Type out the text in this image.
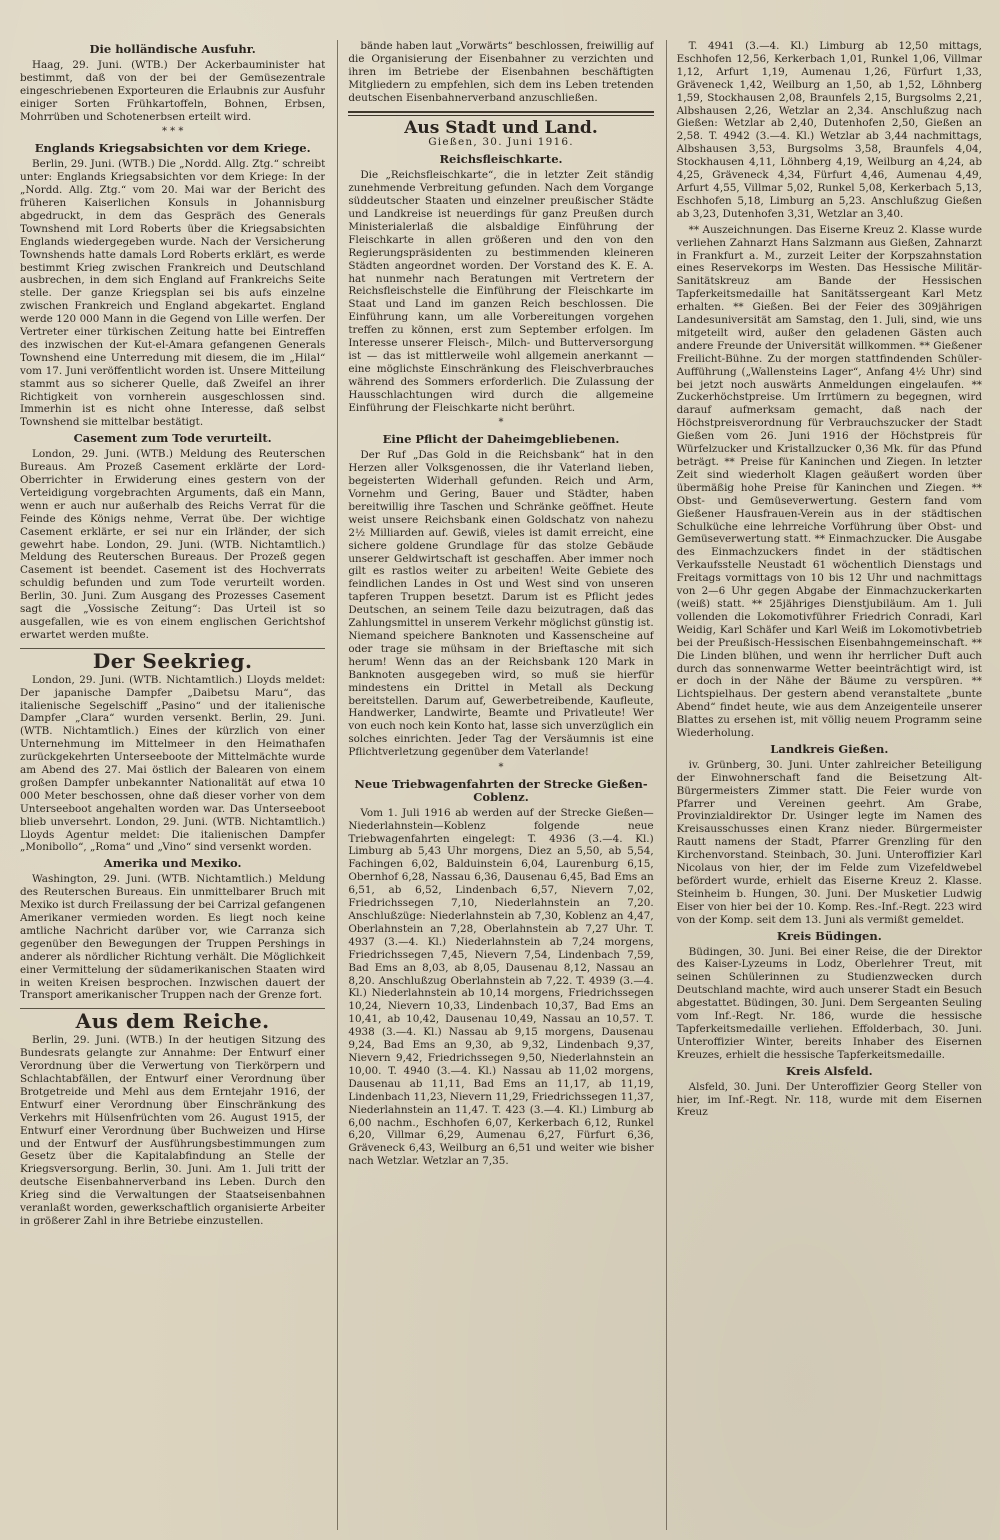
Die holländische Ausfuhr.

Haag, 29. Juni. (WTB.) Der Ackerbauminister hat bestimmt, daß von der bei der Gemüsezentrale eingeschriebenen Exporteuren die Erlaubnis zur Ausfuhr einiger Sorten Frühkartoffeln, Bohnen, Erbsen, Mohrrüben und Schotenerbsen erteilt wird.

* * *
Englands Kriegsabsichten vor dem Kriege.

Berlin, 29. Juni. (WTB.) Die „Nordd. Allg. Ztg.“ schreibt unter: Englands Kriegsabsichten vor dem Kriege: In der „Nordd. Allg. Ztg.“ vom 20. Mai war der Bericht des früheren Kaiserlichen Konsuls in Johannisburg abgedruckt, in dem das Gespräch des Generals Townshend mit Lord Roberts über die Kriegsabsichten Englands wiedergegeben wurde. Nach der Versicherung Townshends hatte damals Lord Roberts erklärt, es werde bestimmt Krieg zwischen Frankreich und Deutschland ausbrechen, in dem sich England auf Frankreichs Seite stelle. Der ganze Kriegsplan sei bis aufs einzelne zwischen Frankreich und England abgekartet. England werde 120 000 Mann in die Gegend von Lille werfen. Der Vertreter einer türkischen Zeitung hatte bei Eintreffen des inzwischen der Kut-el-Amara gefangenen Generals Townshend eine Unterredung mit diesem, die im „Hilal“ vom 17. Juni veröffentlicht worden ist. Unsere Mitteilung stammt aus so sicherer Quelle, daß Zweifel an ihrer Richtigkeit von vornherein ausgeschlossen sind. Immerhin ist es nicht ohne Interesse, daß selbst Townshend sie mittelbar bestätigt.

Casement zum Tode verurteilt.

London, 29. Juni. (WTB.) Meldung des Reuterschen Bureaus. Am Prozeß Casement erklärte der Lord-Oberrichter in Erwiderung eines gestern von der Verteidigung vorgebrachten Arguments, daß ein Mann, wenn er auch nur außerhalb des Reichs Verrat für die Feinde des Königs nehme, Verrat übe. Der wichtige Casement erklärte, er sei nur ein Irländer, der sich gewehrt habe. London, 29. Juni. (WTB. Nichtamtlich.) Meldung des Reuterschen Bureaus. Der Prozeß gegen Casement ist beendet. Casement ist des Hochverrats schuldig befunden und zum Tode verurteilt worden. Berlin, 30. Juni. Zum Ausgang des Prozesses Casement sagt die „Vossische Zeitung“: Das Urteil ist so ausgefallen, wie es von einem englischen Gerichtshof erwartet werden mußte.

Der Seekrieg.

London, 29. Juni. (WTB. Nichtamtlich.) Lloyds meldet: Der japanische Dampfer „Daibetsu Maru“, das italienische Segelschiff „Pasino“ und der italienische Dampfer „Clara“ wurden versenkt. Berlin, 29. Juni. (WTB. Nichtamtlich.) Eines der kürzlich von einer Unternehmung im Mittelmeer in den Heimathafen zurückgekehrten Unterseeboote der Mittelmächte wurde am Abend des 27. Mai östlich der Balearen von einem großen Dampfer unbekannter Nationalität auf etwa 10 000 Meter beschossen, ohne daß dieser vorher von dem Unterseeboot angehalten worden war. Das Unterseeboot blieb unversehrt. London, 29. Juni. (WTB. Nichtamtlich.) Lloyds Agentur meldet: Die italienischen Dampfer „Monibollo“, „Roma“ und „Vino“ sind versenkt worden.

Amerika und Mexiko.

Washington, 29. Juni. (WTB. Nichtamtlich.) Meldung des Reuterschen Bureaus. Ein unmittelbarer Bruch mit Mexiko ist durch Freilassung der bei Carrizal gefangenen Amerikaner vermieden worden. Es liegt noch keine amtliche Nachricht darüber vor, wie Carranza sich gegenüber den Bewegungen der Truppen Pershings in anderer als nördlicher Richtung verhält. Die Möglichkeit einer Vermittelung der südamerikanischen Staaten wird in weiten Kreisen besprochen. Inzwischen dauert der Transport amerikanischer Truppen nach der Grenze fort.

Aus dem Reiche.

Berlin, 29. Juni. (WTB.) In der heutigen Sitzung des Bundesrats gelangte zur Annahme: Der Entwurf einer Verordnung über die Verwertung von Tierkörpern und Schlachtabfällen, der Entwurf einer Verordnung über Brotgetreide und Mehl aus dem Erntejahr 1916, der Entwurf einer Verordnung über Einschränkung des Verkehrs mit Hülsenfrüchten vom 26. August 1915, der Entwurf einer Verordnung über Buchweizen und Hirse und der Entwurf der Ausführungsbestimmungen zum Gesetz über die Kapitalabfindung an Stelle der Kriegsversorgung. Berlin, 30. Juni. Am 1. Juli tritt der deutsche Eisenbahnerverband ins Leben. Durch den Krieg sind die Verwaltungen der Staatseisenbahnen veranlaßt worden, gewerkschaftlich organisierte Arbeiter in größerer Zahl in ihre Betriebe einzustellen.

bände haben laut „Vorwärts“ beschlossen, freiwillig auf die Organisierung der Eisenbahner zu verzichten und ihren im Betriebe der Eisenbahnen beschäftigten Mitgliedern zu empfehlen, sich dem ins Leben tretenden deutschen Eisenbahnerverband anzuschließen.

Aus Stadt und Land.
Gießen, 30. Juni 1916.
Reichsfleischkarte.

Die „Reichsfleischkarte“, die in letzter Zeit ständig zunehmende Verbreitung gefunden. Nach dem Vorgange süddeutscher Staaten und einzelner preußischer Städte und Landkreise ist neuerdings für ganz Preußen durch Ministerialerlaß die alsbaldige Einführung der Fleischkarte in allen größeren und den von den Regierungspräsidenten zu bestimmenden kleineren Städten angeordnet worden. Der Vorstand des K. E. A. hat nunmehr nach Beratungen mit Vertretern der Reichsfleischstelle die Einführung der Fleischkarte im Staat und Land im ganzen Reich beschlossen. Die Einführung kann, um alle Vorbereitungen vorgehen treffen zu können, erst zum September erfolgen. Im Interesse unserer Fleisch-, Milch- und Butterversorgung ist — das ist mittlerweile wohl allgemein anerkannt — eine möglichste Einschränkung des Fleischverbrauches während des Sommers erforderlich. Die Zulassung der Hausschlachtungen wird durch die allgemeine Einführung der Fleischkarte nicht berührt.

*
Eine Pflicht der Daheimgebliebenen.

Der Ruf „Das Gold in die Reichsbank“ hat in den Herzen aller Volksgenossen, die ihr Vaterland lieben, begeisterten Widerhall gefunden. Reich und Arm, Vornehm und Gering, Bauer und Städter, haben bereitwillig ihre Taschen und Schränke geöffnet. Heute weist unsere Reichsbank einen Goldschatz von nahezu 2½ Milliarden auf. Gewiß, vieles ist damit erreicht, eine sichere goldene Grundlage für das stolze Gebäude unserer Geldwirtschaft ist geschaffen. Aber immer noch gilt es rastlos weiter zu arbeiten! Weite Gebiete des feindlichen Landes in Ost und West sind von unseren tapferen Truppen besetzt. Darum ist es Pflicht jedes Deutschen, an seinem Teile dazu beizutragen, daß das Zahlungsmittel in unserem Verkehr möglichst günstig ist. Niemand speichere Banknoten und Kassenscheine auf oder trage sie mühsam in der Brieftasche mit sich herum! Wenn das an der Reichsbank 120 Mark in Banknoten ausgegeben wird, so muß sie hierfür mindestens ein Drittel in Metall als Deckung bereitstellen. Darum auf, Gewerbetreibende, Kaufleute, Handwerker, Landwirte, Beamte und Privatleute! Wer von euch noch kein Konto hat, lasse sich unverzüglich ein solches einrichten. Jeder Tag der Versäumnis ist eine Pflichtverletzung gegenüber dem Vaterlande!

*
Neue Triebwagenfahrten der Strecke Gießen-Coblenz.

Vom 1. Juli 1916 ab werden auf der Strecke Gießen—Niederlahnstein—Koblenz folgende neue Triebwagenfahrten eingelegt: T. 4936 (3.—4. Kl.) Limburg ab 5,43 Uhr morgens, Diez an 5,50, ab 5,54, Fachingen 6,02, Balduinstein 6,04, Laurenburg 6,15, Obernhof 6,28, Nassau 6,36, Dausenau 6,45, Bad Ems an 6,51, ab 6,52, Lindenbach 6,57, Nievern 7,02, Friedrichssegen 7,10, Niederlahnstein an 7,20. Anschlußzüge: Niederlahnstein ab 7,30, Koblenz an 4,47, Oberlahnstein an 7,28, Oberlahnstein ab 7,27 Uhr. T. 4937 (3.—4. Kl.) Niederlahnstein ab 7,24 morgens, Friedrichssegen 7,45, Nievern 7,54, Lindenbach 7,59, Bad Ems an 8,03, ab 8,05, Dausenau 8,12, Nassau an 8,20. Anschlußzug Oberlahnstein ab 7,22. T. 4939 (3.—4. Kl.) Niederlahnstein ab 10,14 morgens, Friedrichssegen 10,24, Nievern 10,33, Lindenbach 10,37, Bad Ems an 10,41, ab 10,42, Dausenau 10,49, Nassau an 10,57. T. 4938 (3.—4. Kl.) Nassau ab 9,15 morgens, Dausenau 9,24, Bad Ems an 9,30, ab 9,32, Lindenbach 9,37, Nievern 9,42, Friedrichssegen 9,50, Niederlahnstein an 10,00. T. 4940 (3.—4. Kl.) Nassau ab 11,02 morgens, Dausenau ab 11,11, Bad Ems an 11,17, ab 11,19, Lindenbach 11,23, Nievern 11,29, Friedrichssegen 11,37, Niederlahnstein an 11,47. T. 423 (3.—4. Kl.) Limburg ab 6,00 nachm., Eschhofen 6,07, Kerkerbach 6,12, Runkel 6,20, Villmar 6,29, Aumenau 6,27, Fürfurt 6,36, Gräveneck 6,43, Weilburg an 6,51 und weiter wie bisher nach Wetzlar. Wetzlar an 7,35.

T. 4941 (3.—4. Kl.) Limburg ab 12,50 mittags, Eschhofen 12,56, Kerkerbach 1,01, Runkel 1,06, Villmar 1,12, Arfurt 1,19, Aumenau 1,26, Fürfurt 1,33, Gräveneck 1,42, Weilburg an 1,50, ab 1,52, Löhnberg 1,59, Stockhausen 2,08, Braunfels 2,15, Burgsolms 2,21, Albshausen 2,26, Wetzlar an 2,34. Anschlußzug nach Gießen: Wetzlar ab 2,40, Dutenhofen 2,50, Gießen an 2,58. T. 4942 (3.—4. Kl.) Wetzlar ab 3,44 nachmittags, Albshausen 3,53, Burgsolms 3,58, Braunfels 4,04, Stockhausen 4,11, Löhnberg 4,19, Weilburg an 4,24, ab 4,25, Gräveneck 4,34, Fürfurt 4,46, Aumenau 4,49, Arfurt 4,55, Villmar 5,02, Runkel 5,08, Kerkerbach 5,13, Eschhofen 5,18, Limburg an 5,23. Anschlußzug Gießen ab 3,23, Dutenhofen 3,31, Wetzlar an 3,40.

** Auszeichnungen. Das Eiserne Kreuz 2. Klasse wurde verliehen Zahnarzt Hans Salzmann aus Gießen, Zahnarzt in Frankfurt a. M., zurzeit Leiter der Korpszahnstation eines Reservekorps im Westen. Das Hessische Militär-Sanitätskreuz am Bande der Hessischen Tapferkeitsmedaille hat Sanitätssergeant Karl Metz erhalten. ** Gießen. Bei der Feier des 309jährigen Landesuniversität am Samstag, den 1. Juli, sind, wie uns mitgeteilt wird, außer den geladenen Gästen auch andere Freunde der Universität willkommen. ** Gießener Freilicht-Bühne. Zu der morgen stattfindenden Schüler-Aufführung („Wallensteins Lager“, Anfang 4½ Uhr) sind bei jetzt noch auswärts Anmeldungen eingelaufen. ** Zuckerhöchstpreise. Um Irrtümern zu begegnen, wird darauf aufmerksam gemacht, daß nach der Höchstpreisverordnung für Verbrauchszucker der Stadt Gießen vom 26. Juni 1916 der Höchstpreis für Würfelzucker und Kristallzucker 0,36 Mk. für das Pfund beträgt. ** Preise für Kaninchen und Ziegen. In letzter Zeit sind wiederholt Klagen geäußert worden über übermäßig hohe Preise für Kaninchen und Ziegen. ** Obst- und Gemüseverwertung. Gestern fand vom Gießener Hausfrauen-Verein aus in der städtischen Schulküche eine lehrreiche Vorführung über Obst- und Gemüseverwertung statt. ** Einmachzucker. Die Ausgabe des Einmachzuckers findet in der städtischen Verkaufsstelle Neustadt 61 wöchentlich Dienstags und Freitags vormittags von 10 bis 12 Uhr und nachmittags von 2—6 Uhr gegen Abgabe der Einmachzuckerkarten (weiß) statt. ** 25jähriges Dienstjubiläum. Am 1. Juli vollenden die Lokomotivführer Friedrich Conradi, Karl Weidig, Karl Schäfer und Karl Weiß im Lokomotivbetrieb bei der Preußisch-Hessischen Eisenbahngemeinschaft. ** Die Linden blühen, und wenn ihr herrlicher Duft auch durch das sonnenwarme Wetter beeinträchtigt wird, ist er doch in der Nähe der Bäume zu verspüren. ** Lichtspielhaus. Der gestern abend veranstaltete „bunte Abend“ findet heute, wie aus dem Anzeigenteile unserer Blattes zu ersehen ist, mit völlig neuem Programm seine Wiederholung.

Landkreis Gießen.

iv. Grünberg, 30. Juni. Unter zahlreicher Beteiligung der Einwohnerschaft fand die Beisetzung Alt-Bürgermeisters Zimmer statt. Die Feier wurde von Pfarrer und Vereinen geehrt. Am Grabe, Provinzialdirektor Dr. Usinger legte im Namen des Kreisausschusses einen Kranz nieder. Bürgermeister Rautt namens der Stadt, Pfarrer Grenzling für den Kirchenvorstand. Steinbach, 30. Juni. Unteroffizier Karl Nicolaus von hier, der im Felde zum Vizefeldwebel befördert wurde, erhielt das Eiserne Kreuz 2. Klasse. Steinheim b. Hungen, 30. Juni. Der Musketier Ludwig Eiser von hier bei der 10. Komp. Res.-Inf.-Regt. 223 wird von der Komp. seit dem 13. Juni als vermißt gemeldet.

Kreis Büdingen.

Büdingen, 30. Juni. Bei einer Reise, die der Direktor des Kaiser-Lyzeums in Lodz, Oberlehrer Treut, mit seinen Schülerinnen zu Studienzwecken durch Deutschland machte, wird auch unserer Stadt ein Besuch abgestattet. Büdingen, 30. Juni. Dem Sergeanten Seuling vom Inf.-Regt. Nr. 186, wurde die hessische Tapferkeitsmedaille verliehen. Effolderbach, 30. Juni. Unteroffizier Winter, bereits Inhaber des Eisernen Kreuzes, erhielt die hessische Tapferkeitsmedaille.

Kreis Alsfeld.

Alsfeld, 30. Juni. Der Unteroffizier Georg Steller von hier, im Inf.-Regt. Nr. 118, wurde mit dem Eisernen Kreuz
